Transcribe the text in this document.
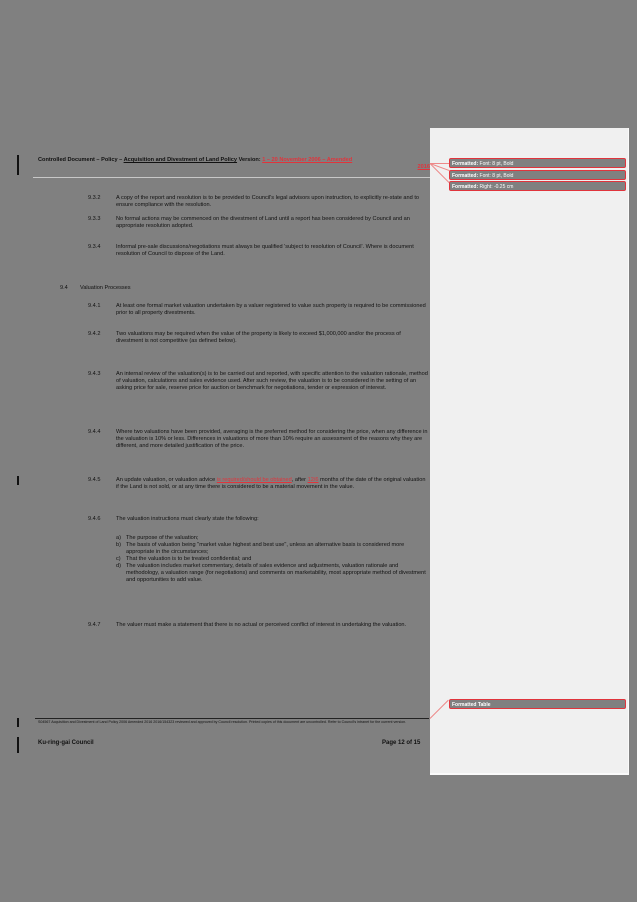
Formatted: Font: 8 pt, Bold
Formatted: Font: 8 pt, Bold
Formatted: Right: -0.25 cm
Formatted Table
Controlled Document – Policy – Acquisition and Divestment of Land Policy Version: 1 – 20 November 2006 – Amended
2016
9.3.2	A copy of the report and resolution is to be provided to Council's legal advisors upon instruction, to explicitly re-state and to ensure compliance with the resolution.
9.3.3	No formal actions may be commenced on the divestment of Land until a report has been considered by Council and an appropriate resolution adopted.
9.3.4	Informal pre-sale discussions/negotiations must always be qualified 'subject to resolution of Council'. Where is document resolution of Council to dispose of the Land.
9.4 Valuation Processes
9.4.1	At least one formal market valuation undertaken by a valuer registered to value such property is required to be commissioned prior to all property divestments.
9.4.2	Two valuations may be required when the value of the property is likely to exceed $1,000,000 and/or the process of divestment is not competitive (as defined below).
9.4.3	An internal review of the valuation(s) is to be carried out and reported, with specific attention to the valuation rationale, method of valuation, calculations and sales evidence used. After such review, the valuation is to be considered in the setting of an asking price for sale, reserve price for auction or benchmark for negotiations, tender or expression of interest.
9.4.4	Where two valuations have been provided, averaging is the preferred method for considering the price, when any difference in the valuation is 10% or less. Differences in valuations of more than 10% require an assessment of the reasons why they are different, and more detailed justification of the price.
9.4.5	An update valuation, or valuation advice is required/should be obtained, after 12/6 months of the date of the original valuation if the Land is not sold, or at any time there is considered to be a material movement in the value.
9.4.6	The valuation instructions must clearly state the following:
a) The purpose of the valuation;
b) The basis of valuation being "market value highest and best use", unless an alternative basis is considered more appropriate in the circumstances;
c) That the valuation is to be treated confidential; and
d) The valuation includes market commentary, details of sales evidence and adjustments, valuation rationale and methodology, a valuation range (for negotiations) and comments on marketability, most appropriate method of divestment and opportunities to add value.
9.4.7	The valuer must make a statement that there is no actual or perceived conflict of interest in undertaking the valuation.
S04567 Acquisition and Divestment of Land Policy 2006 Amended 2016 2016/154323 reviewed and approved by Council resolution. Printed copies of this document are uncontrolled. Refer to Council's intranet for the current version.
Ku-ring-gai Council	Page 12 of 15
